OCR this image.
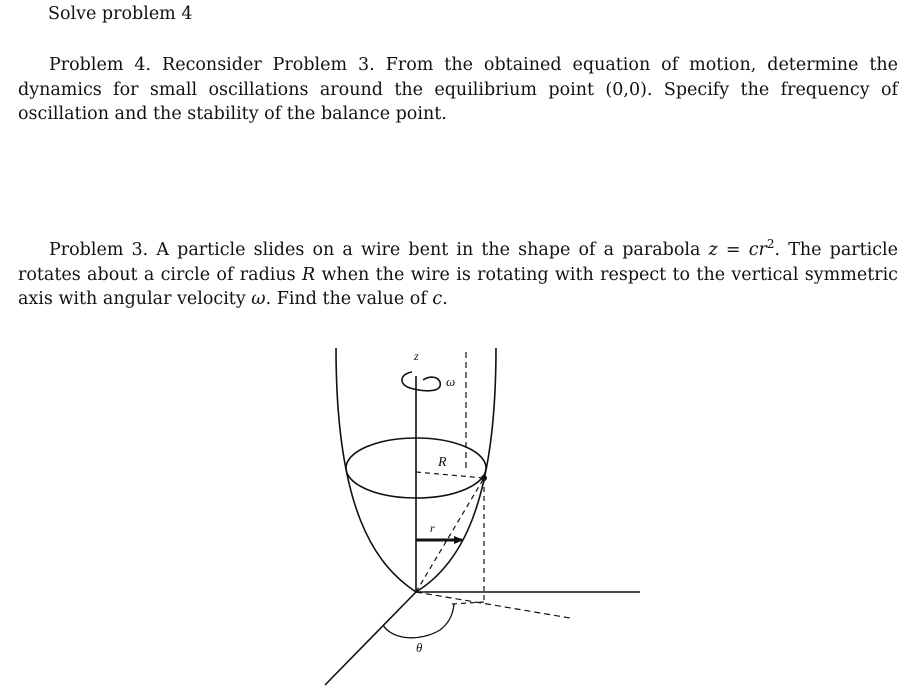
Solve problem 4

Problem 4. Reconsider Problem 3. From the obtained equation of motion, determine the dynamics for small oscillations around the equilibrium point (0,0). Specify the frequency of oscillation and the stability of the balance point.

Problem 3. A particle slides on a wire bent in the shape of a parabola $z = cr^2$. The particle rotates about a circle of radius R when the wire is rotating with respect to the vertical symmetric axis with angular velocity ω. Find the value of c.

z
ω
R
r
θ
